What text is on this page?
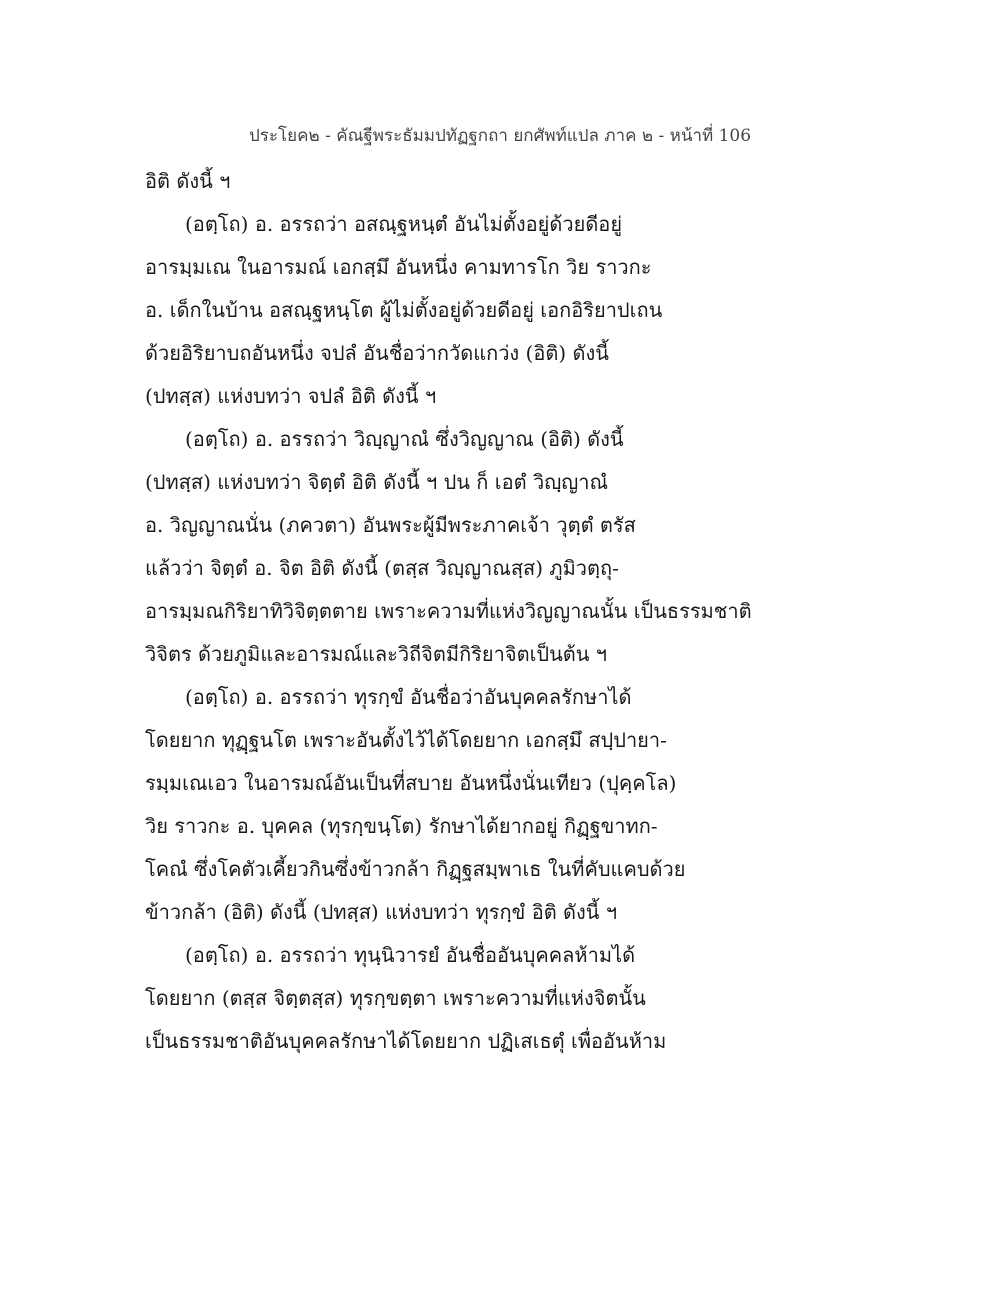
ประโยค๒ - คัณฐีพระธัมมปทัฏฐกถา ยกศัพท์แปล ภาค ๒ - หน้าที่ 106
อิติ ดังนี้ ฯ
(อตฺโถ) อ. อรรถว่า อสณฺฐหนฺตํ อันไม่ตั้งอยู่ด้วยดีอยู่
อารมฺมเณ ในอารมณ์ เอกสฺมึ อันหนึ่ง คามทารโก วิย ราวกะ
อ. เด็กในบ้าน อสณฺฐหนฺโต ผู้ไม่ตั้งอยู่ด้วยดีอยู่ เอกอิริยาปเถน
ด้วยอิริยาบถอันหนึ่ง จปลํ อันชื่อว่ากวัดแกว่ง (อิติ) ดังนี้
(ปทสฺส) แห่งบทว่า จปลํ อิติ ดังนี้ ฯ
(อตฺโถ) อ. อรรถว่า วิญฺญาณํ ซึ่งวิญญาณ (อิติ) ดังนี้
(ปทสฺส) แห่งบทว่า จิตฺตํ อิติ ดังนี้ ฯ ปน ก็ เอตํ วิญฺญาณํ
อ. วิญญาณนั่น (ภควตา) อันพระผู้มีพระภาคเจ้า วุตฺตํ ตรัส
แล้วว่า จิตฺตํ อ. จิต อิติ ดังนี้ (ตสฺส วิญฺญาณสฺส) ภูมิวตฺถุ-
อารมฺมณกิริยาทิวิจิตฺตตาย เพราะความที่แห่งวิญญาณนั้น เป็นธรรมชาติ
วิจิตร ด้วยภูมิและอารมณ์และวิถีจิตมีกิริยาจิตเป็นต้น ฯ
(อตฺโถ) อ. อรรถว่า ทุรกฺขํ อันชื่อว่าอันบุคคลรักษาได้
โดยยาก ทุฏฺฐนโต เพราะอันตั้งไว้ได้โดยยาก เอกสฺมึ สปฺปายา-
รมฺมเณเอว ในอารมณ์อันเป็นที่สบาย อันหนึ่งนั่นเทียว (ปุคฺคโล)
วิย ราวกะ อ. บุคคล (ทุรกฺขนฺโต) รักษาได้ยากอยู่ กิฏฺฐขาทก-
โคณํ ซึ่งโคตัวเคี้ยวกินซึ่งข้าวกล้า กิฏฺฐสมฺพาเธ ในที่คับแคบด้วย
ข้าวกล้า (อิติ) ดังนี้ (ปทสฺส) แห่งบทว่า ทุรกฺขํ อิติ ดังนี้ ฯ
(อตฺโถ) อ. อรรถว่า ทุนฺนิวารยํ อันชื่ออันบุคคลห้ามได้
โดยยาก (ตสฺส จิตฺตสฺส) ทุรกฺขตฺตา เพราะความที่แห่งจิตนั้น
เป็นธรรมชาติอันบุคคลรักษาได้โดยยาก ปฏิเสเธตุํ เพื่ออันห้าม
